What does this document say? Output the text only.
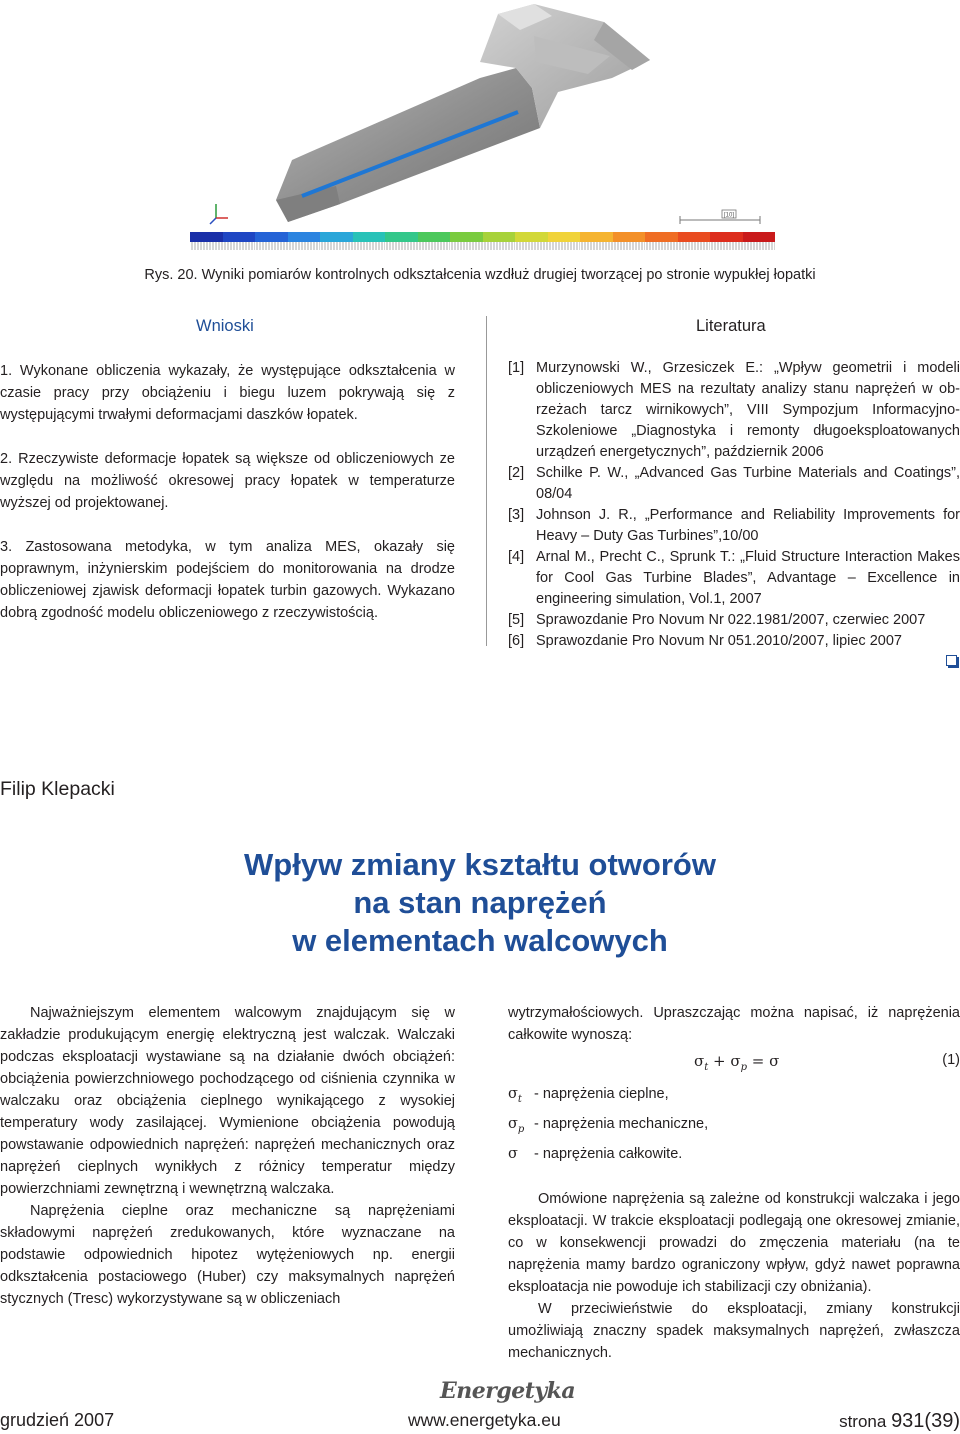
[10]
Rys. 20. Wyniki pomiarów kontrolnych odkształcenia wzdłuż drugiej tworzącej po stronie wypukłej łopatki
Wnioski

1. Wykonane obliczenia wykazały, że występujące odkształcenia w czasie pracy przy obciążeniu i biegu luzem pokrywają się z występującymi trwałymi deformacjami daszków łopatek.

2. Rzeczywiste deformacje łopatek są większe od obliczeniowych ze względu na możliwość okresowej pracy łopatek w temperaturze wyższej od projektowanej.

3. Zastosowana metodyka, w tym analiza MES, okazały się poprawnym, inżynierskim podejściem do monitorowania na drodze obliczeniowej zjawisk deformacji łopatek turbin gazowych. Wykazano dobrą zgodność modelu obliczeniowego z rzeczywistością.

Literatura
[1] Murzynowski W., Grzesiczek E.: „Wpływ geometrii i modeli obliczeniowych MES na rezultaty analizy stanu naprężeń w ob-rzeżach tarcz wirnikowych”, VIII Sympozjum Informacyjno-Szkoleniowe „Diagnostyka i remonty długoeksploatowanych urządzeń energetycznych”, październik 2006
[2] Schilke P. W., „Advanced Gas Turbine Materials and Coatings”, 08/04
[3] Johnson J. R., „Performance and Reliability Improvements for Heavy – Duty Gas Turbines”,10/00
[4] Arnal M., Precht C., Sprunk T.: „Fluid Structure Interaction Makes for Cool Gas Turbine Blades”, Advantage – Excellence in engineering simulation, Vol.1, 2007
[5] Sprawozdanie Pro Novum Nr 022.1981/2007, czerwiec 2007
[6] Sprawozdanie Pro Novum Nr 051.2010/2007, lipiec 2007
Filip Klepacki
Wpływ zmiany kształtu otworów
na stan naprężeń
w elementach walcowych

Najważniejszym elementem walcowym znajdującym się w zakładzie produkującym energię elektryczną jest walczak. Walczaki podczas eksploatacji wystawiane są na działanie dwóch obciążeń: obciążenia powierzchniowego pochodzącego od ciśnienia czynnika w walczaku oraz obciążenia cieplnego wynikającego z wysokiej temperatury wody zasilającej. Wymienione obciążenia powodują powstawanie odpowiednich naprężeń: naprężeń mechanicznych oraz naprężeń cieplnych wynikłych z różnicy temperatur między powierzchniami zewnętrzną i wewnętrzną walczaka.

Naprężenia cieplne oraz mechaniczne są naprężeniami składowymi naprężeń zredukowanych, które wyznaczane na podstawie odpowiednich hipotez wytężeniowych np. energii odkształcenia postaciowego (Huber) czy maksymalnych naprężeń stycznych (Tresc) wykorzystywane są w obliczeniach

wytrzymałościowych. Upraszczając można napisać, iż naprężenia całkowite wynoszą:

$\sigma_t + \sigma_p = \sigma$	(1)
$\sigma_t$ - naprężenia cieplne,
$\sigma_p$ - naprężenia mechaniczne,
σ	- naprężenia całkowite.

Omówione naprężenia są zależne od konstrukcji walczaka i jego eksploatacji. W trakcie eksploatacji podlegają one okresowej zmianie, co w konsekwencji prowadzi do zmęczenia materiału (na te naprężenia mamy bardzo ograniczony wpływ, gdyż nawet poprawna eksploatacja nie powoduje ich stabilizacji czy obniżania).

W przeciwieństwie do eksploatacji, zmiany konstrukcji umożliwiają znaczny spadek maksymalnych naprężeń, zwłaszcza mechanicznych.

Energetyka
grudzień 2007	www.energetyka.eu	strona 931(39)
